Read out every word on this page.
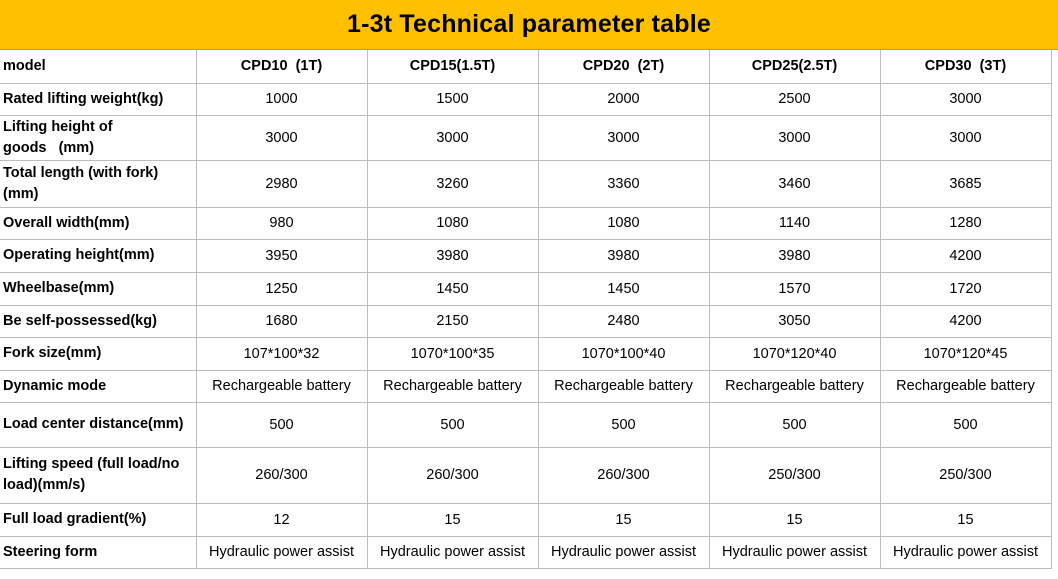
1-3t Technical parameter table
model	CPD10  (1T)	CPD15(1.5T)	CPD20  (2T)	CPD25(2.5T)	CPD30  (3T)
Rated lifting weight(kg)	1000	1500	2000	2500	3000
Lifting height of goods   (mm)	3000	3000	3000	3000	3000
Total length (with fork)(mm)	2980	3260	3360	3460	3685
Overall width(mm)	980	1080	1080	1140	1280
Operating height(mm)	3950	3980	3980	3980	4200
Wheelbase(mm)	1250	1450	1450	1570	1720
Be self-possessed(kg)	1680	2150	2480	3050	4200
Fork size(mm)	107*100*32	1070*100*35	1070*100*40	1070*120*40	1070*120*45
Dynamic mode	Rechargeable battery	Rechargeable battery	Rechargeable battery	Rechargeable battery	Rechargeable battery
Load center distance(mm)	500	500	500	500	500
Lifting speed (full load/no load)(mm/s)	260/300	260/300	260/300	250/300	250/300
Full load gradient(%)	12	15	15	15	15
Steering form	Hydraulic power assist	Hydraulic power assist	Hydraulic power assist	Hydraulic power assist	Hydraulic power assist
